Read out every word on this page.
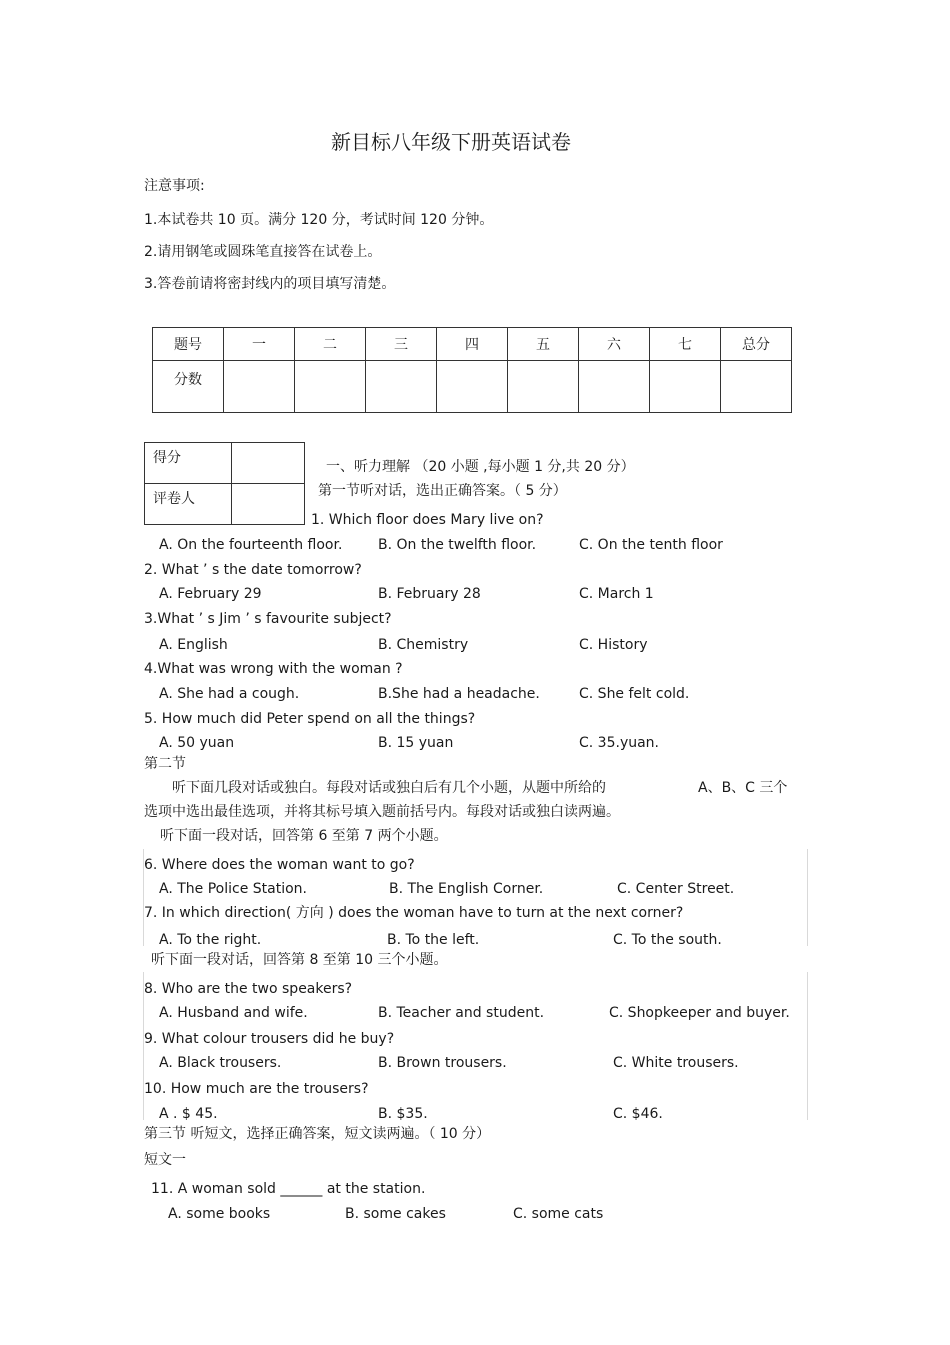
新目标八年级下册英语试卷
注意事项:
1.本试卷共 10 页。满分 120 分，考试时间 120 分钟。
2.请用钢笔或圆珠笔直接答在试卷上。
3.答卷前请将密封线内的项目填写清楚。
题号	一	二	三	四	五	六	七	总分
分数								
得分	
评卷人	
一、听力理解 （20 小题 ,每小题 1 分,共 20 分）
第一节听对话，选出正确答案。（ 5 分）
1. Which floor does Mary live on?
A. On the fourteenth floor.	B. On the twelfth floor.	C. On the tenth floor
2. What ’ s the date tomorrow?
A. February 29	B. February 28	C. March 1
3.What ’ s Jim ’ s favourite subject?
A. English	B. Chemistry	C. History
4.What was wrong with the woman ?
A. She had a cough.	B.She had a headache.	C. She felt cold.
5. How much did Peter spend on all the things?
A. 50 yuan	B. 15 yuan	C. 35.yuan.
第二节
听下面几段对话或独白。每段对话或独白后有几个小题，从题中所给的	A、B、C 三个
选项中选出最佳选项，并将其标号填入题前括号内。每段对话或独白读两遍。
听下面一段对话，回答第 6 至第 7 两个小题。
6. Where does the woman want to go?
A. The Police Station.	B. The English Corner.	C. Center Street.
7. In which direction( 方向 ) does the woman have to turn at the next corner?
A. To the right.	B. To the left.	C. To the south.
听下面一段对话，回答第 8 至第 10 三个小题。
8. Who are the two speakers?
A. Husband and wife.	B. Teacher and student.	C. Shopkeeper and buyer.
9. What colour trousers did he buy?
A. Black trousers.	B. Brown trousers.	C. White trousers.
10. How much are the trousers?
A . $ 45.	B. $35.	C. $46.
第三节 听短文，选择正确答案，短文读两遍。（ 10 分）
短文一
11. A woman sold ______ at the station.
A. some books	B. some cakes	C. some cats
